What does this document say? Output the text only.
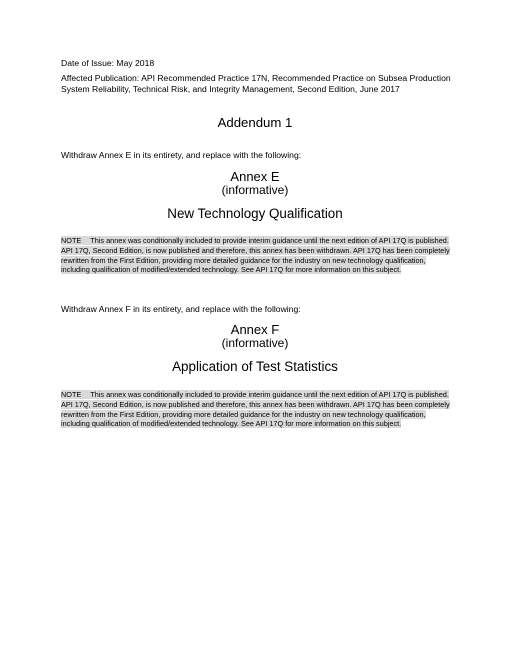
Date of Issue: May 2018
Affected Publication: API Recommended Practice 17N, Recommended Practice on Subsea Production System Reliability, Technical Risk, and Integrity Management, Second Edition, June 2017
Addendum 1
Withdraw Annex E in its entirety, and replace with the following:
Annex E
(informative)
New Technology Qualification
NOTE This annex was conditionally included to provide interim guidance until the next edition of API 17Q is published. API 17Q, Second Edition, is now published and therefore, this annex has been withdrawn. API 17Q has been completely rewritten from the First Edition, providing more detailed guidance for the industry on new technology qualification, including qualification of modified/extended technology. See API 17Q for more information on this subject.
Withdraw Annex F in its entirety, and replace with the following:
Annex F
(informative)
Application of Test Statistics
NOTE This annex was conditionally included to provide interim guidance until the next edition of API 17Q is published. API 17Q, Second Edition, is now published and therefore, this annex has been withdrawn. API 17Q has been completely rewritten from the First Edition, providing more detailed guidance for the industry on new technology qualification, including qualification of modified/extended technology. See API 17Q for more information on this subject.
